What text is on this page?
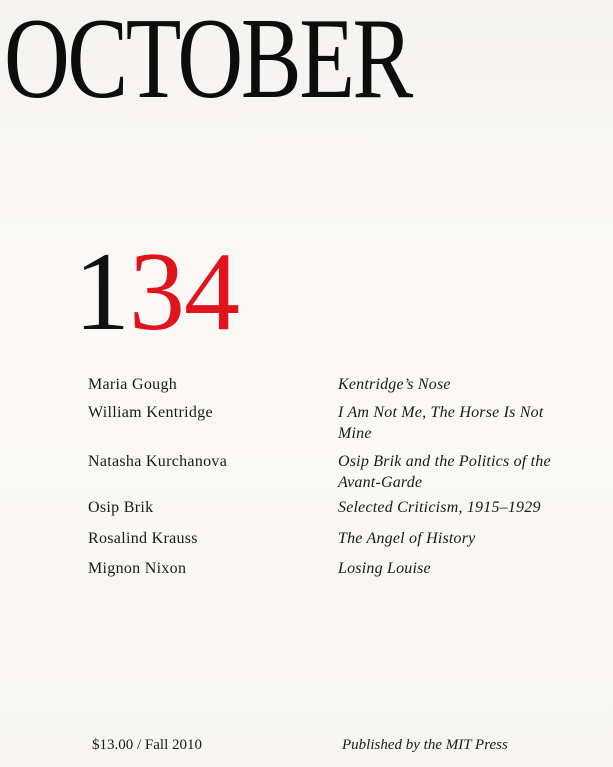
OCTOBER
134
Maria Gough	Kentridge’s Nose
William Kentridge	I Am Not Me, The Horse Is Not Mine
Natasha Kurchanova	Osip Brik and the Politics of the Avant-Garde
Osip Brik	Selected Criticism, 1915–1929
Rosalind Krauss	The Angel of History
Mignon Nixon	Losing Louise
$13.00 / Fall 2010	Published by the MIT Press
